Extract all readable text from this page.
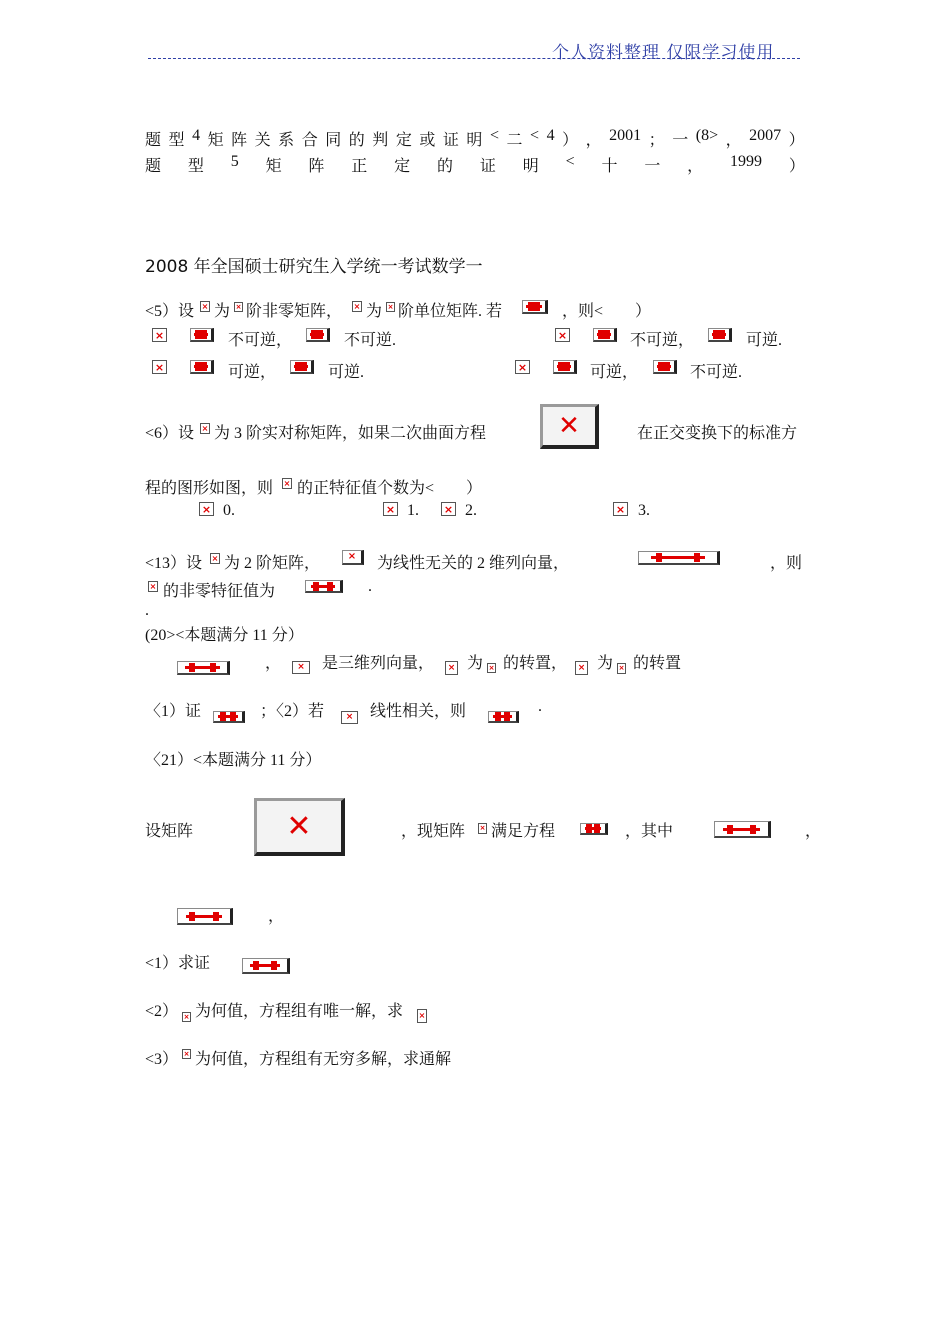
个人资料整理 仅限学习使用
题 型 4 矩 阵 关 系 合 同 的 判 定 或 证 明 < 二 < 4 ） ， 2001 ； 一 (8> ， 2007 ）
题 型 5 矩 阵 正 定 的 证 明 < 十 一 ， 1999 ）
2008 年全国硕士研究生入学统一考试数学一
<5）设 × 为 × 阶非零矩阵， × 为 × 阶单位矩阵. 若	，则<　　）
×	不可逆，	不可逆.	×	不可逆，	可逆.
×	可逆，	可逆.	×	可逆，	不可逆.
<6）设 × 为 3 阶实对称矩阵，如果二次曲面方程	✕	在正交变换下的标准方
程的图形如图，则 × 的正特征值个数为<　　）
× 0.	× 1. × 2.	× 3.
<13）设 × 为 2 阶矩阵，	× 为线性无关的 2 维列向量，	，则
× 的非零特征值为	.
.
(20><本题满分 11 分）
， × 是三维列向量， × 为 × 的转置， × 为 × 的转置
〈1）证	；〈2）若 × 线性相关，则	.
〈21）<本题满分 11 分）
设矩阵	✕	，现矩阵 × 满足方程	，其中	，
，
<1）求证
<2） × 为何值，方程组有唯一解，求 ×
<3） × 为何值，方程组有无穷多解，求通解
